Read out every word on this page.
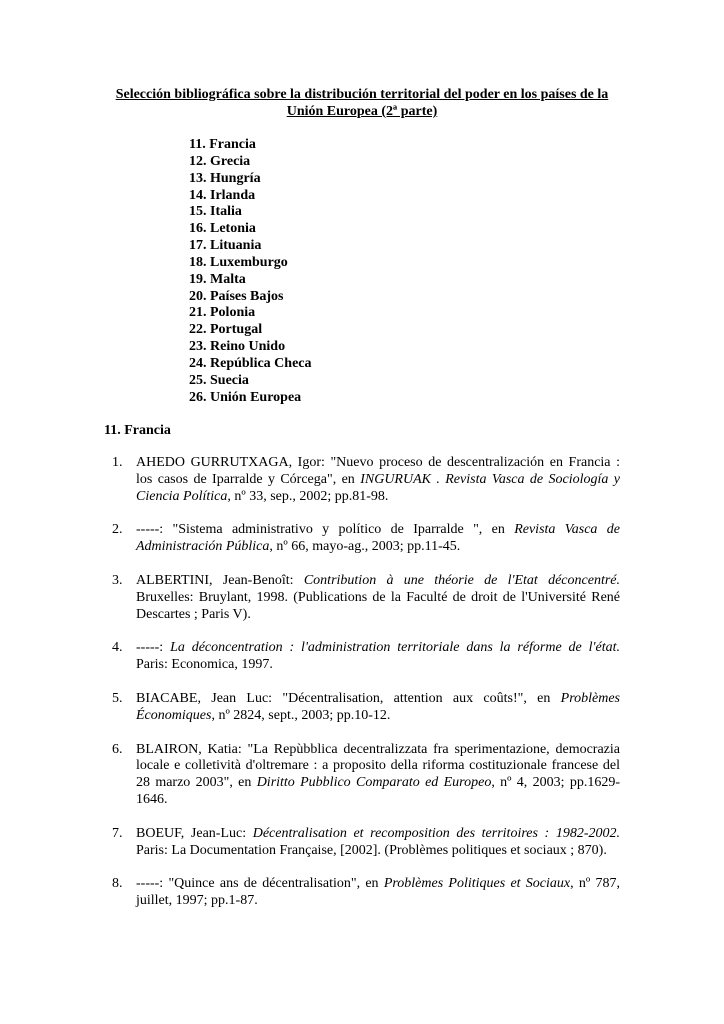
Selección bibliográfica sobre la distribución territorial del poder en los países de la Unión Europea (2ª parte)
11. Francia
12. Grecia
13. Hungría
14. Irlanda
15. Italia
16. Letonia
17. Lituania
18. Luxemburgo
19. Malta
20. Países Bajos
21. Polonia
22. Portugal
23. Reino Unido
24. República Checa
25. Suecia
26. Unión Europea
11. Francia
1. AHEDO GURRUTXAGA, Igor: "Nuevo proceso de descentralización en Francia : los casos de Iparralde y Córcega", en INGURUAK . Revista Vasca de Sociología y Ciencia Política, nº 33, sep., 2002; pp.81-98.
2. -----: "Sistema administrativo y político de Iparralde ", en Revista Vasca de Administración Pública, nº 66, mayo-ag., 2003; pp.11-45.
3. ALBERTINI, Jean-Benoît: Contribution à une théorie de l'Etat déconcentré. Bruxelles: Bruylant, 1998. (Publications de la Faculté de droit de l'Université René Descartes ; Paris V).
4. -----: La déconcentration : l'administration territoriale dans la réforme de l'état. Paris: Economica, 1997.
5. BIACABE, Jean Luc: "Décentralisation, attention aux coûts!", en Problèmes Économiques, nº 2824, sept., 2003; pp.10-12.
6. BLAIRON, Katia: "La Repùbblica decentralizzata fra sperimentazione, democrazia locale e colletività d'oltremare : a proposito della riforma costituzionale francese del 28 marzo 2003", en Diritto Pubblico Comparato ed Europeo, nº 4, 2003; pp.1629-1646.
7. BOEUF, Jean-Luc: Décentralisation et recomposition des territoires : 1982-2002. Paris: La Documentation Française, [2002]. (Problèmes politiques et sociaux ; 870).
8. -----: "Quince ans de décentralisation", en Problèmes Politiques et Sociaux, nº 787, juillet, 1997; pp.1-87.
